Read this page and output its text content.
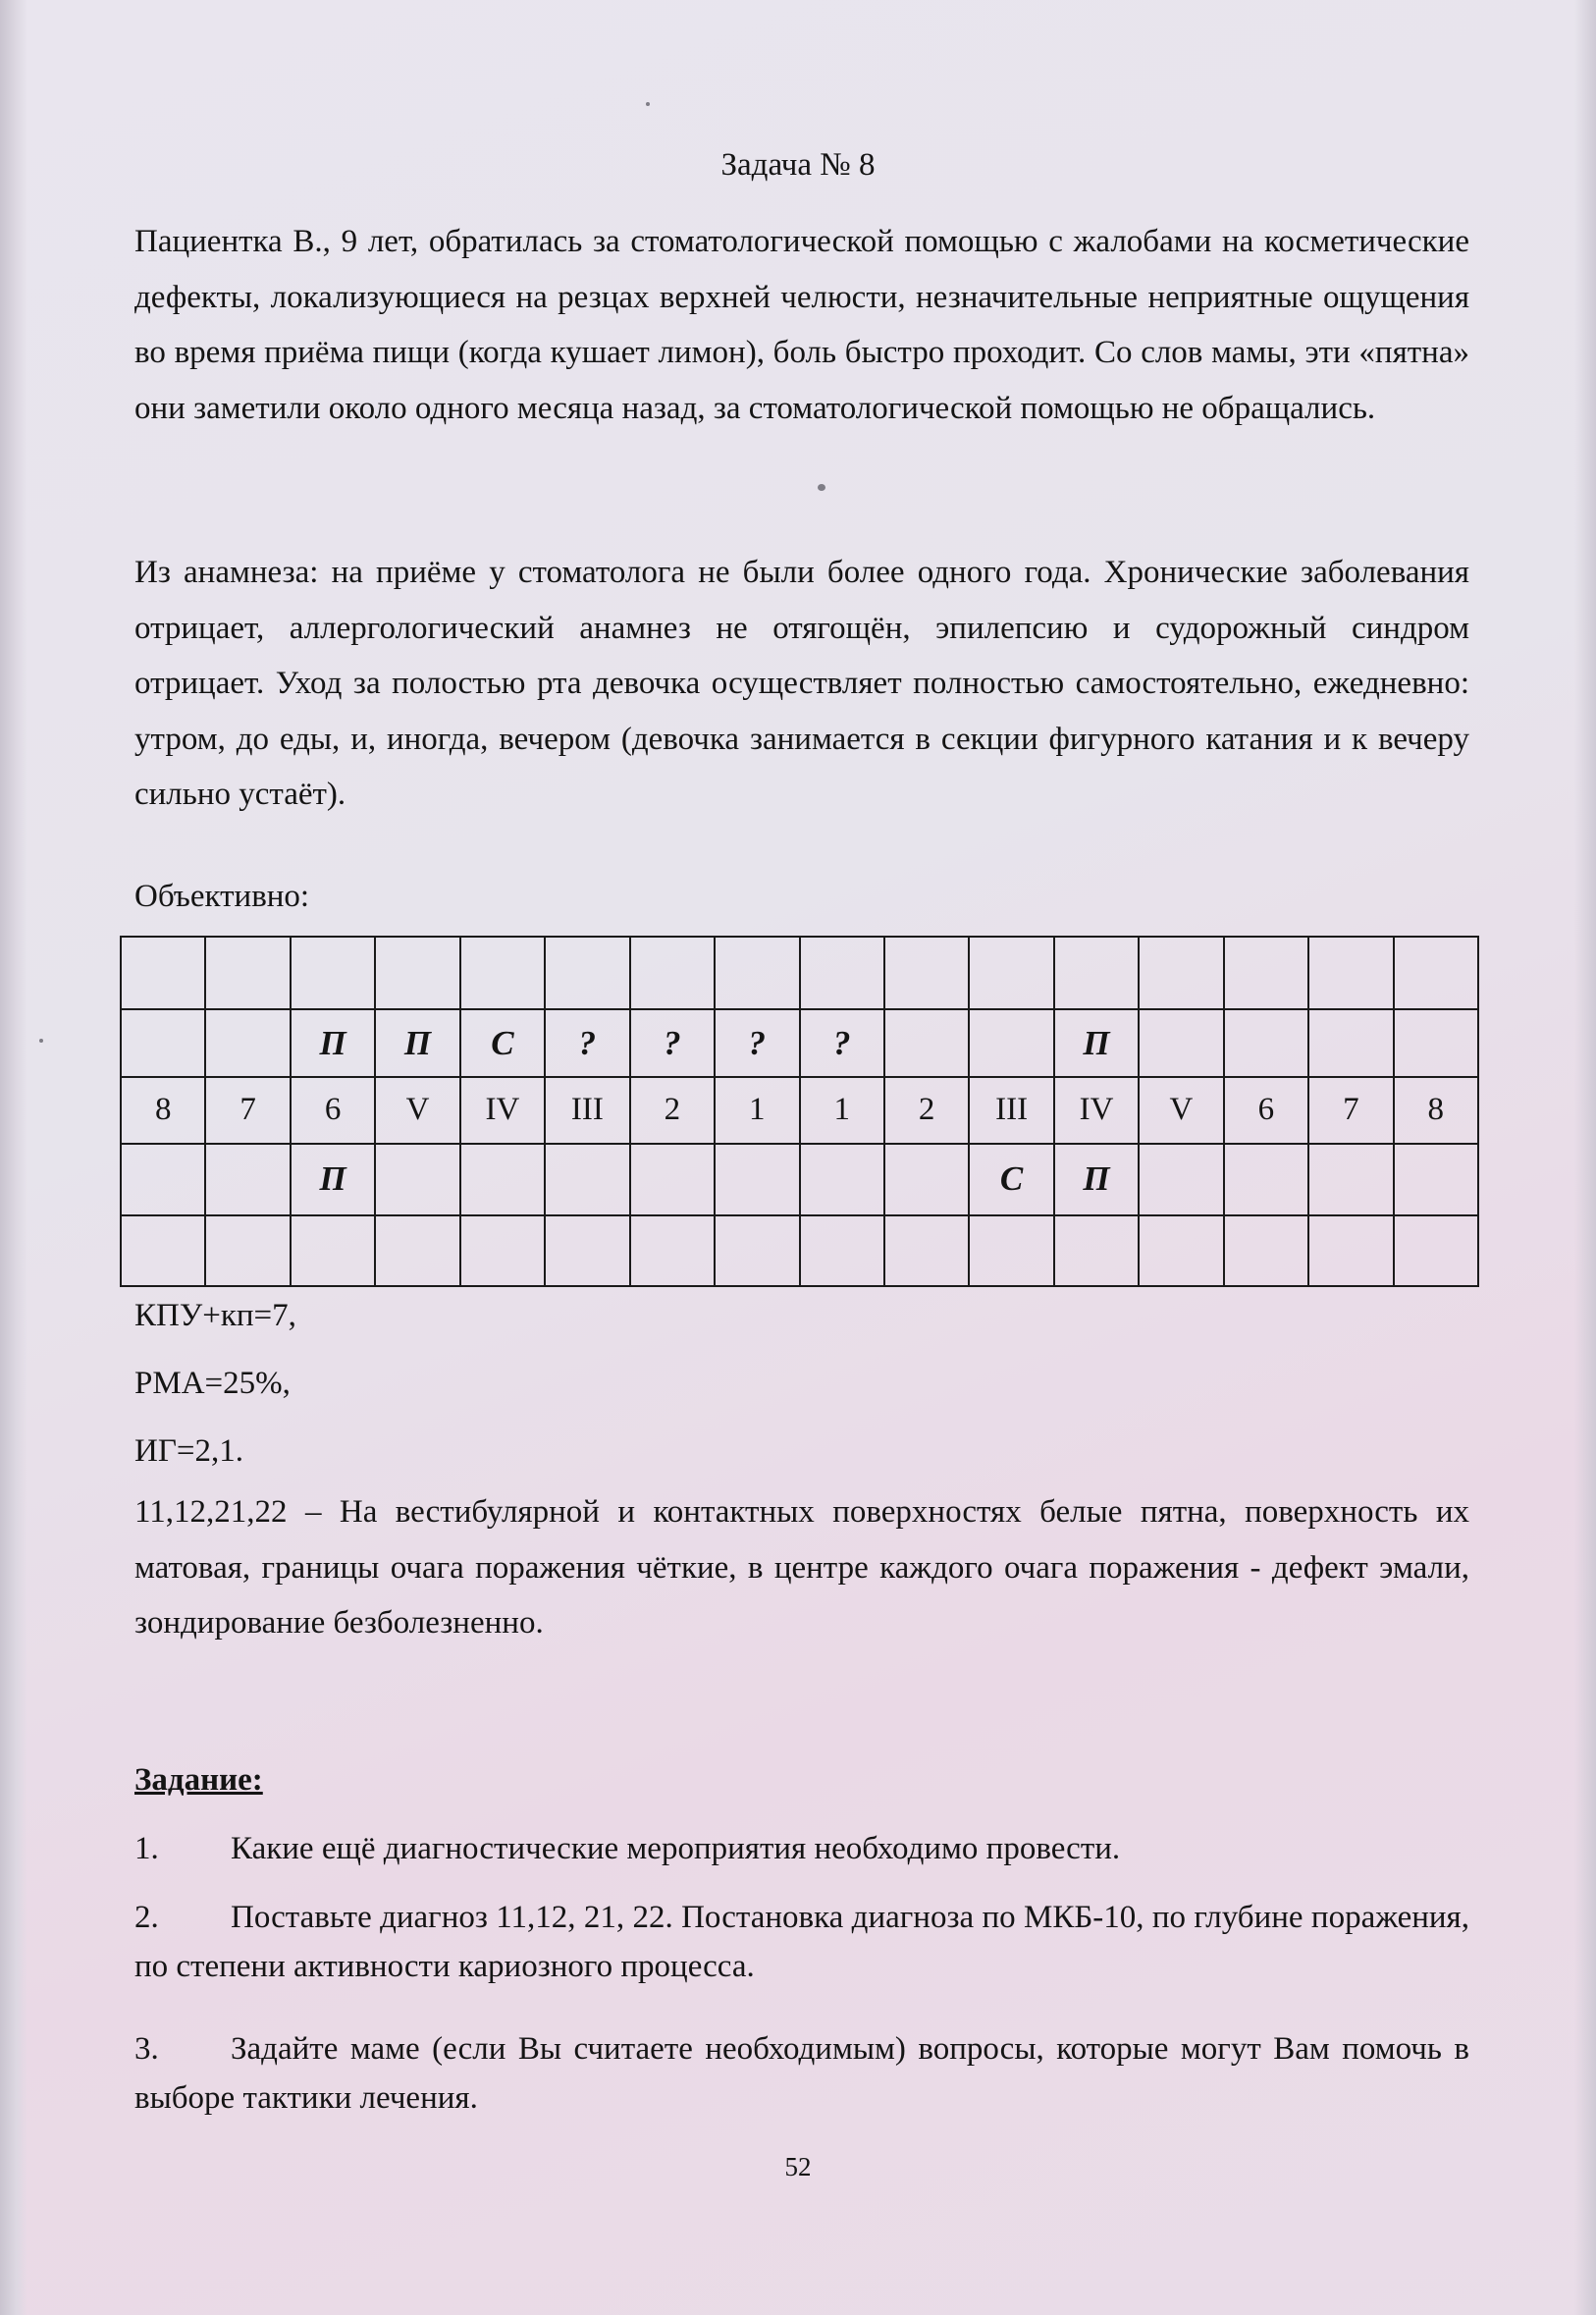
Задача № 8

Пациентка В., 9 лет, обратилась за стоматологической помощью с жалобами на косметические дефекты, локализующиеся на резцах верхней челюсти, незначительные неприятные ощущения во время приёма пищи (когда кушает лимон), боль быстро проходит. Со слов мамы, эти «пятна» они заметили около одного месяца назад, за стоматологической помощью не обращались.

Из анамнеза: на приёме у стоматолога не были более одного года. Хронические заболевания отрицает, аллергологический анамнез не отягощён, эпилепсию и судорожный синдром отрицает. Уход за полостью рта девочка осуществляет полностью самостоятельно, ежедневно: утром, до еды, и, иногда, вечером (девочка занимается в секции фигурного катания и к вечеру сильно устаёт).

Объективно:

		П	П	С	?	?	?	?			П				
8	7	6	V	IV	III	2	1	1	2	III	IV	V	6	7	8
		П								С	П				

КПУ+кп=7,
РМА=25%,
ИГ=2,1.

11,12,21,22 – На вестибулярной и контактных поверхностях белые пятна, поверхность их матовая, границы очага поражения чёткие, в центре каждого очага поражения - дефект эмали, зондирование безболезненно.

Задание:
1. Какие ещё диагностические мероприятия необходимо провести.
2. Поставьте диагноз 11,12, 21, 22. Постановка диагноза по МКБ-10, по глубине поражения, по степени активности кариозного процесса.
3. Задайте маме (если Вы считаете необходимым) вопросы, которые могут Вам помочь в выборе тактики лечения.
52
